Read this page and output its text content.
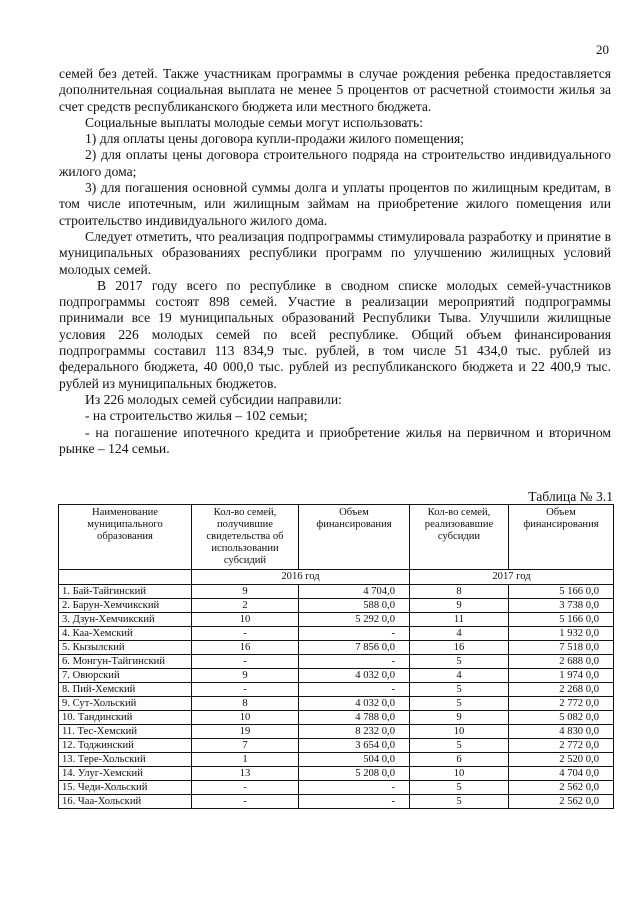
20

семей без детей. Также участникам программы в случае рождения ребенка предоставляется дополнительная социальная выплата не менее 5 процентов от расчетной стоимости жилья за счет средств республиканского бюджета или местного бюджета.

Социальные выплаты молодые семьи могут использовать:

1) для оплаты цены договора купли-продажи жилого помещения;

2) для оплаты цены договора строительного подряда на строительство индивидуального жилого дома;

3) для погашения основной суммы долга и уплаты процентов по жилищным кредитам, в том числе ипотечным, или жилищным займам на приобретение жилого помещения или строительство индивидуального жилого дома.

Следует отметить, что реализация подпрограммы стимулировала разработку и принятие в муниципальных образованиях республики программ по улучшению жилищных условий молодых семей.

В 2017 году всего по республике в сводном списке молодых семей-участников подпрограммы состоят 898 семей. Участие в реализации мероприятий подпрограммы принимали все 19 муниципальных образований Республики Тыва. Улучшили жилищные условия 226 молодых семей по всей республике. Общий объем финансирования подпрограммы составил 113 834,9 тыс. рублей, в том числе 51 434,0 тыс. рублей из федерального бюджета, 40 000,0 тыс. рублей из республиканского бюджета и 22 400,9 тыс. рублей из муниципальных бюджетов.

Из 226 молодых семей субсидии направили:

- на строительство жилья – 102 семьи;

- на погашение ипотечного кредита и приобретение жилья на первичном и вторичном рынке – 124 семьи.

Таблица № 3.1
Наименование муниципального образования	Кол-во семей, получившие свидетельства об использовании субсидий	Объем финансирования	Кол-во семей, реализовавшие субсидии	Объем финансирования
	2016 год		2017 год	
1. Бай-Тайгинский	9	4 704,0	8	5 166 0,0
2. Барун-Хемчикский	2	588 0,0	9	3 738 0,0
3. Дзун-Хемчикский	10	5 292 0,0	11	5 166 0,0
4. Каа-Хемский	-	-	4	1 932 0,0
5. Кызылский	16	7 856 0,0	16	7 518 0,0
6. Монгун-Тайгинский	-	-	5	2 688 0,0
7. Овюрский	9	4 032 0,0	4	1 974 0,0
8. Пий-Хемский	-	-	5	2 268 0,0
9. Сут-Хольский	8	4 032 0,0	5	2 772 0,0
10. Тандинский	10	4 788 0,0	9	5 082 0,0
11. Тес-Хемский	19	8 232 0,0	10	4 830 0,0
12. Тоджинский	7	3 654 0,0	5	2 772 0,0
13. Тере-Хольский	1	504 0,0	6	2 520 0,0
14. Улуг-Хемский	13	5 208 0,0	10	4 704 0,0
15. Чеди-Хольский	-	-	5	2 562 0,0
16. Чаа-Хольский	-	-	5	2 562 0,0
